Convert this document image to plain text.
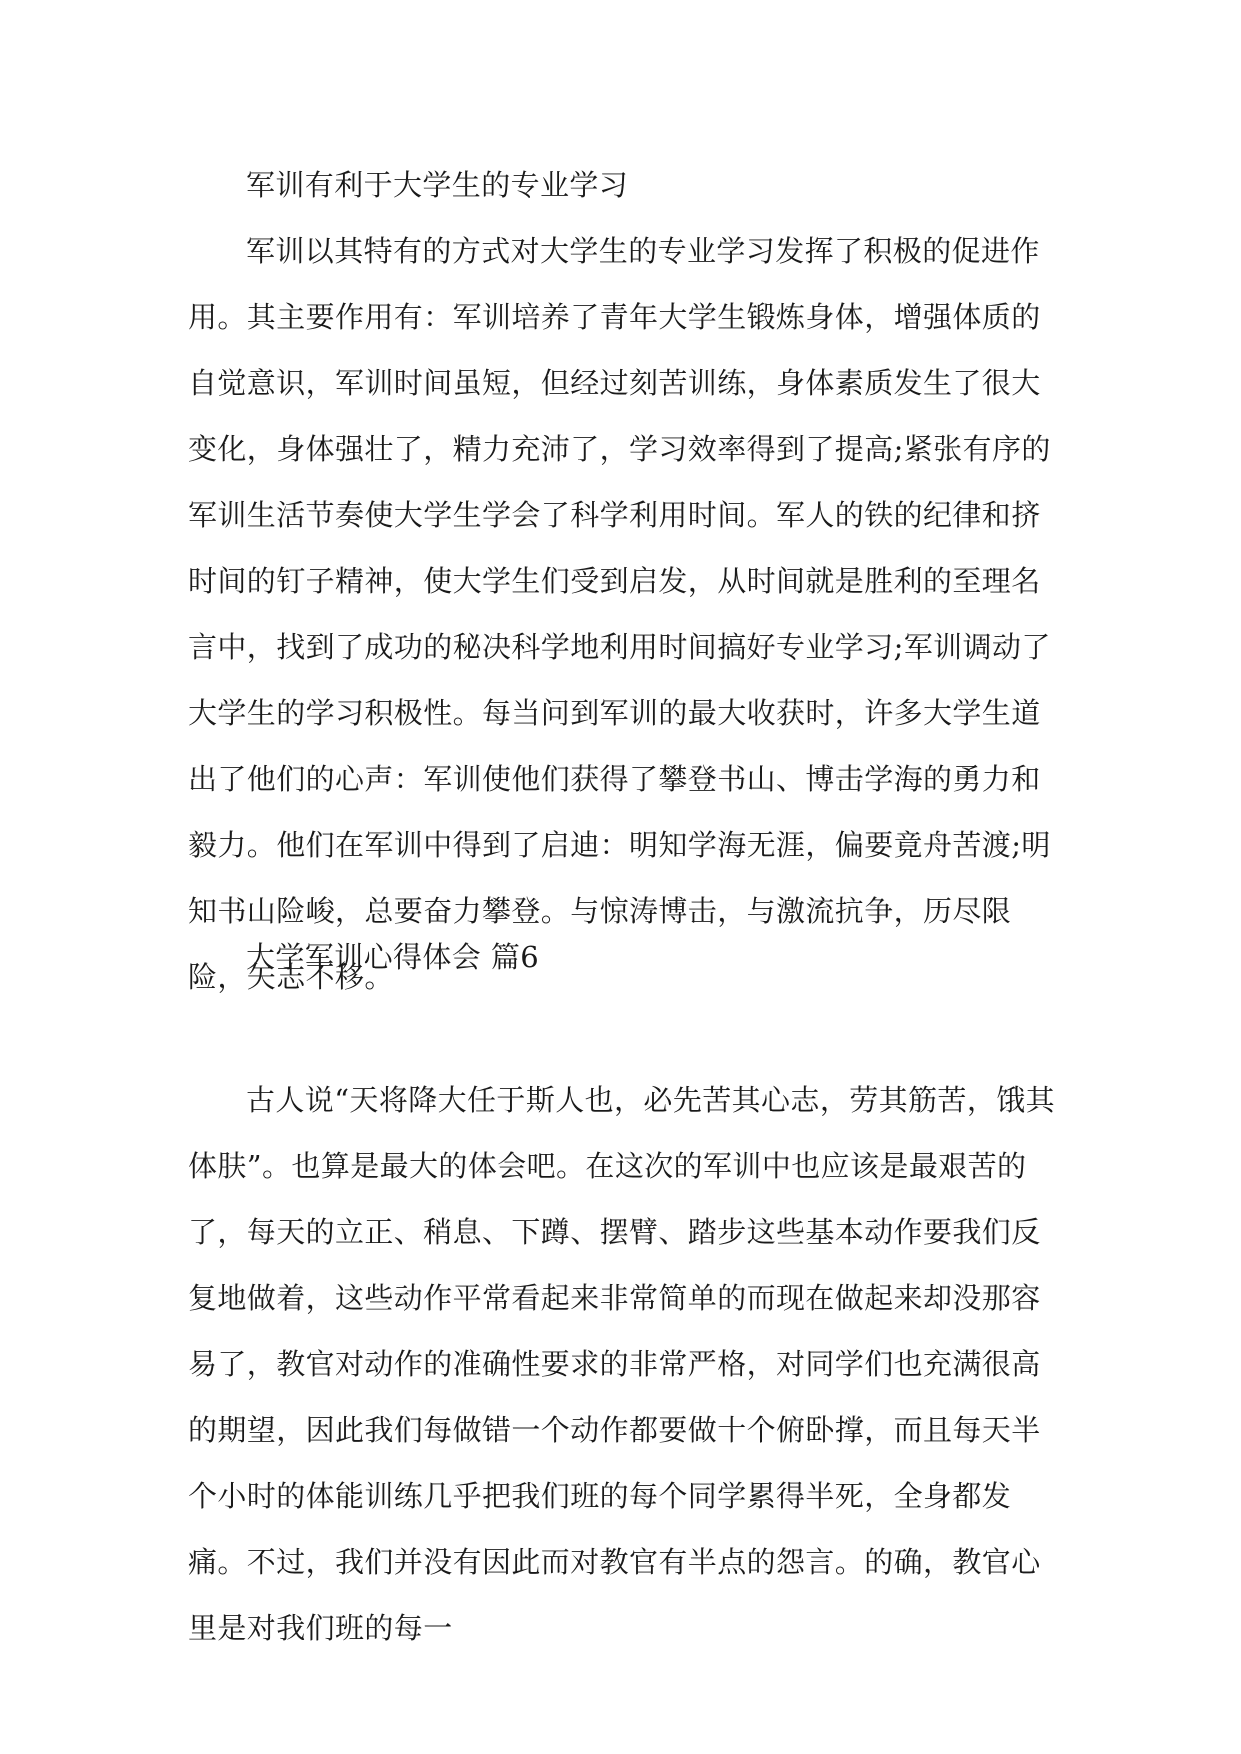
军训有利于大学生的专业学习

军训以其特有的方式对大学生的专业学习发挥了积极的促进作用。其主要作用有：军训培养了青年大学生锻炼身体，增强体质的自觉意识，军训时间虽短，但经过刻苦训练，身体素质发生了很大变化，身体强壮了，精力充沛了，学习效率得到了提高;紧张有序的军训生活节奏使大学生学会了科学利用时间。军人的铁的纪律和挤时间的钉子精神，使大学生们受到启发，从时间就是胜利的至理名言中，找到了成功的秘决科学地利用时间搞好专业学习;军训调动了大学生的学习积极性。每当问到军训的最大收获时，许多大学生道出了他们的心声：军训使他们获得了攀登书山、博击学海的勇力和毅力。他们在军训中得到了启迪：明知学海无涯，偏要竟舟苦渡;明知书山险峻，总要奋力攀登。与惊涛博击，与激流抗争，历尽限险，矢志不移。

大学军训心得体会 篇6

古人说“天将降大任于斯人也，必先苦其心志，劳其筋苦，饿其体肤”。也算是最大的体会吧。在这次的军训中也应该是最艰苦的了，每天的立正、稍息、下蹲、摆臂、踏步这些基本动作要我们反复地做着，这些动作平常看起来非常简单的而现在做起来却没那容易了，教官对动作的准确性要求的非常严格，对同学们也充满很高的期望，因此我们每做错一个动作都要做十个俯卧撑，而且每天半个小时的体能训练几乎把我们班的每个同学累得半死，全身都发痛。不过，我们并没有因此而对教官有半点的怨言。的确，教官心里是对我们班的每一
